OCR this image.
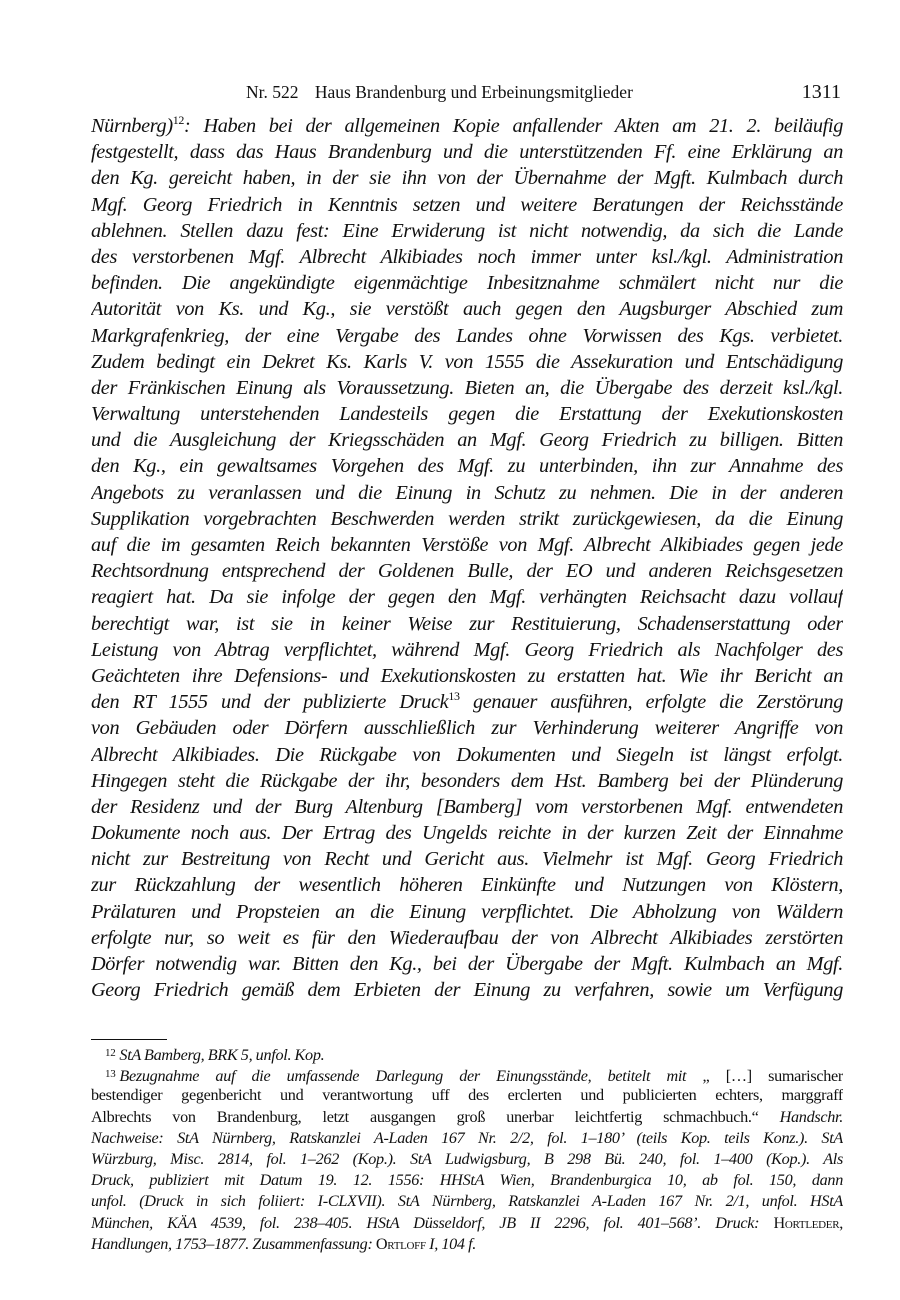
Nr. 522 Haus Brandenburg und Erbeinungsmitglieder	1311
Nürnberg)$^{12}$: Haben bei der allgemeinen Kopie anfallender Akten am 21. 2. beiläufig
festgestellt, dass das Haus Brandenburg und die unterstützenden Ff. eine Erklärung an
den Kg. gereicht haben, in der sie ihn von der Übernahme der Mgft. Kulmbach durch
Mgf. Georg Friedrich in Kenntnis setzen und weitere Beratungen der Reichsstände
ablehnen. Stellen dazu fest: Eine Erwiderung ist nicht notwendig, da sich die Lande
des verstorbenen Mgf. Albrecht Alkibiades noch immer unter ksl./kgl. Administration
befinden. Die angekündigte eigenmächtige Inbesitznahme schmälert nicht nur die
Autorität von Ks. und Kg., sie verstößt auch gegen den Augsburger Abschied zum
Markgrafenkrieg, der eine Vergabe des Landes ohne Vorwissen des Kgs. verbietet.
Zudem bedingt ein Dekret Ks. Karls V. von 1555 die Assekuration und Entschädigung
der Fränkischen Einung als Voraussetzung. Bieten an, die Übergabe des derzeit ksl./kgl.
Verwaltung unterstehenden Landesteils gegen die Erstattung der Exekutionskosten
und die Ausgleichung der Kriegsschäden an Mgf. Georg Friedrich zu billigen. Bitten
den Kg., ein gewaltsames Vorgehen des Mgf. zu unterbinden, ihn zur Annahme des
Angebots zu veranlassen und die Einung in Schutz zu nehmen. Die in der anderen
Supplikation vorgebrachten Beschwerden werden strikt zurückgewiesen, da die Einung
auf die im gesamten Reich bekannten Verstöße von Mgf. Albrecht Alkibiades gegen jede
Rechtsordnung entsprechend der Goldenen Bulle, der EO und anderen Reichsgesetzen
reagiert hat. Da sie infolge der gegen den Mgf. verhängten Reichsacht dazu vollauf
berechtigt war, ist sie in keiner Weise zur Restituierung, Schadenserstattung oder
Leistung von Abtrag verpflichtet, während Mgf. Georg Friedrich als Nachfolger des
Geächteten ihre Defensions- und Exekutionskosten zu erstatten hat. Wie ihr Bericht an
den RT 1555 und der publizierte Druck$^{13}$ genauer ausführen, erfolgte die Zerstörung
von Gebäuden oder Dörfern ausschließlich zur Verhinderung weiterer Angriffe von
Albrecht Alkibiades. Die Rückgabe von Dokumenten und Siegeln ist längst erfolgt.
Hingegen steht die Rückgabe der ihr, besonders dem Hst. Bamberg bei der Plünderung
der Residenz und der Burg Altenburg [Bamberg] vom verstorbenen Mgf. entwendeten
Dokumente noch aus. Der Ertrag des Ungelds reichte in der kurzen Zeit der Einnahme
nicht zur Bestreitung von Recht und Gericht aus. Vielmehr ist Mgf. Georg Friedrich
zur Rückzahlung der wesentlich höheren Einkünfte und Nutzungen von Klöstern,
Prälaturen und Propsteien an die Einung verpflichtet. Die Abholzung von Wäldern
erfolgte nur, so weit es für den Wiederaufbau der von Albrecht Alkibiades zerstörten
Dörfer notwendig war. Bitten den Kg., bei der Übergabe der Mgft. Kulmbach an Mgf.
Georg Friedrich gemäß dem Erbieten der Einung zu verfahren, sowie um Verfügung
$^{12}$ StA Bamberg, BRK 5, unfol. Kop.
$^{13}$ Bezugnahme auf die umfassende Darlegung der Einungsstände, betitelt mit „ […] sumarischer
bestendiger gegenbericht und verantwortung uff des erclerten und publicierten echters, marggraff
Albrechts von Brandenburg, letzt ausgangen groß unerbar leichtfertig schmachbuch.“ Handschr.
Nachweise: StA Nürnberg, Ratskanzlei A-Laden 167 Nr. 2/2, fol. 1–180’ (teils Kop. teils Konz.). StA
Würzburg, Misc. 2814, fol. 1–262 (Kop.). StA Ludwigsburg, B 298 Bü. 240, fol. 1–400 (Kop.). Als
Druck, publiziert mit Datum 19. 12. 1556: HHStA Wien, Brandenburgica 10, ab fol. 150, dann
unfol. (Druck in sich foliiert: I-CLXVII). StA Nürnberg, Ratskanzlei A-Laden 167 Nr. 2/1, unfol. HStA
München, KÄA 4539, fol. 238–405. HStA Düsseldorf, JB II 2296, fol. 401–568’. Druck: Hortleder,
Handlungen, 1753–1877. Zusammenfassung: Ortloff I, 104 f.
